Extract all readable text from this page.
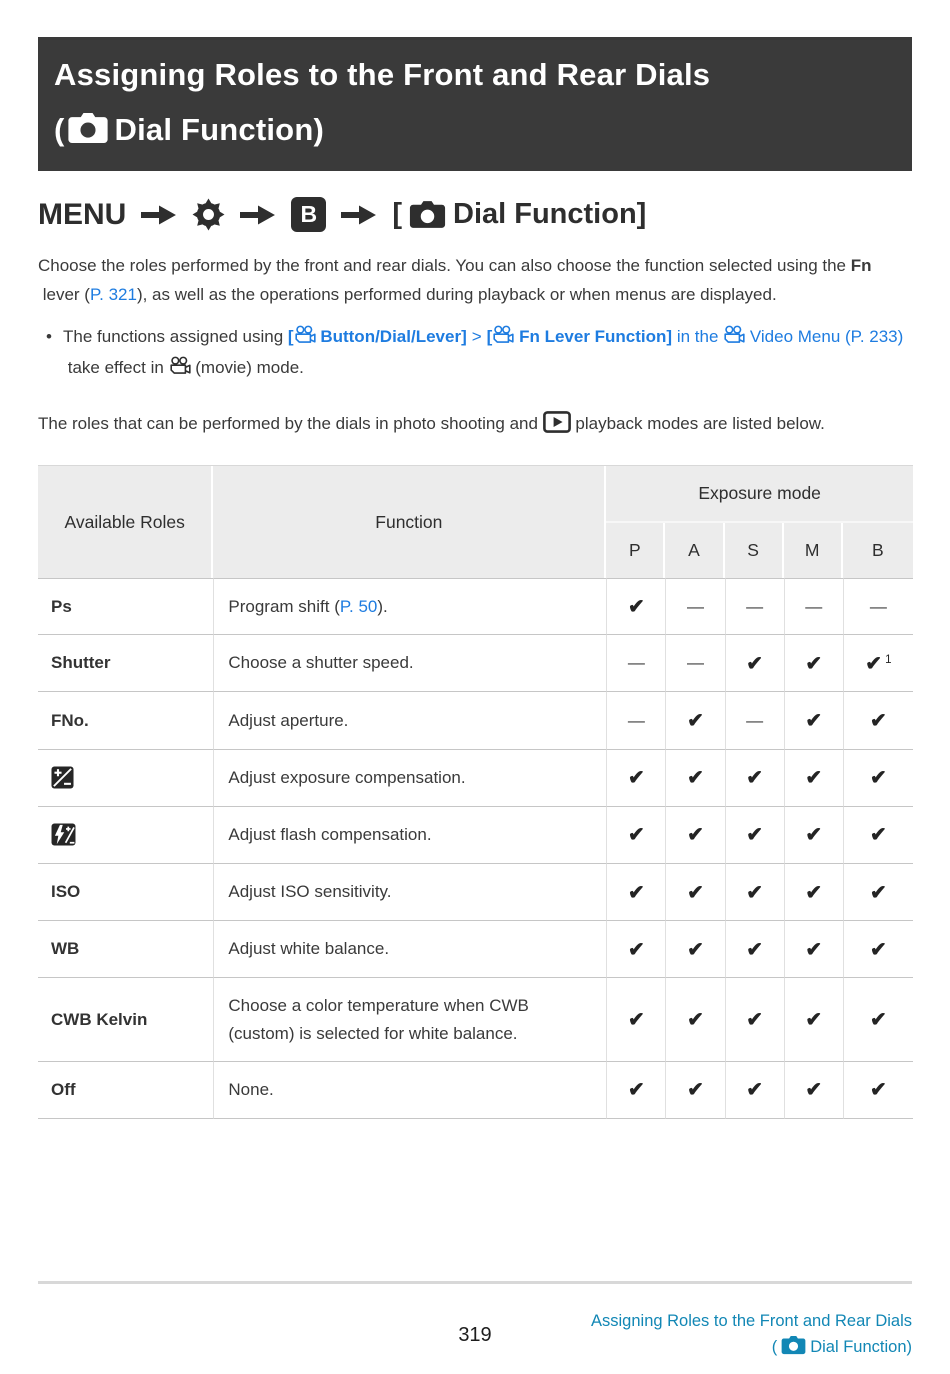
Assigning Roles to the Front and Rear Dials
( Dial Function)
MENU	B	[ Dial Function]

Choose the roles performed by the front and rear dials. You can also choose the function selected using the Fn lever (P. 321), as well as the operations performed during playback or when menus are displayed.

• The functions assigned using [ Button/Dial/Lever] > [ Fn Lever Function] in the Video Menu (P. 233) take effect in  (movie) mode.

The roles that can be performed by the dials in photo shooting and  playback modes are listed below.

Available Roles	Function	Exposure mode				
		P	A	S	M	B
Ps	Program shift (P. 50).	✔	—	—	—	—
Shutter	Choose a shutter speed.	—	—	✔	✔	✔ $^1$
FNo.	Adjust aperture.	—	✔	—	✔	✔

	Adjust exposure compensation.	✔	✔	✔	✔	✔

	Adjust flash compensation.	✔	✔	✔	✔	✔
ISO	Adjust ISO sensitivity.	✔	✔	✔	✔	✔
WB	Adjust white balance.	✔	✔	✔	✔	✔
CWB Kelvin	Choose a color temperature when CWB (custom) is selected for white balance.	✔	✔	✔	✔	✔
Off	None.	✔	✔	✔	✔	✔
319
Assigning Roles to the Front and Rear Dials
( Dial Function)
